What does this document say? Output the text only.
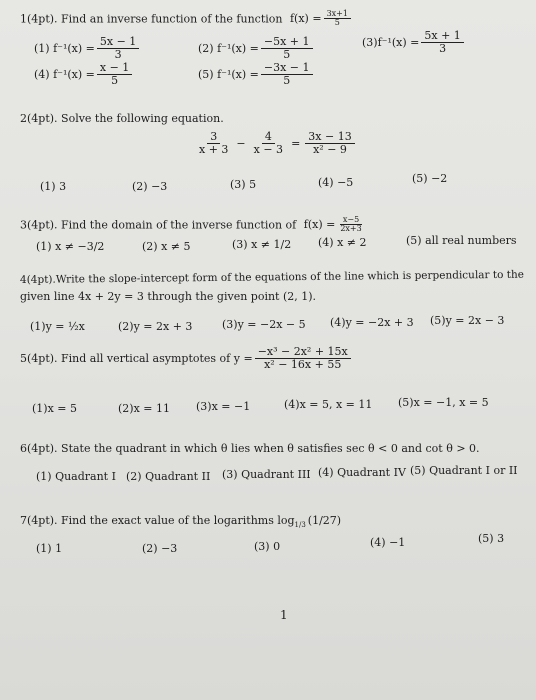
1(4pt). Find an inverse function of the function $f(x) = \frac{3x+1}{5}$
(1) $f^{-1}(x) = \frac{5x - 1}{3}$	(2) $f^{-1}(x) = \frac{-5x + 1}{5}$	$(3)f^{-1}(x) = \frac{5x + 1}{3}$
(4) $f^{-1}(x) = \frac{x - 1}{5}$	(5) $f^{-1}(x) = \frac{-3x - 1}{5}$
2(4pt). Solve the following equation.
$\frac{3}{x + 3} - \frac{4}{x - 3} = \frac{3x - 13}{\text{x² − 9}}$
(1) 3	(2) −3	(3) 5	(4) −5	(5) −2
3(4pt). Find the domain of the inverse function of $f(x) = \frac{x-5}{2x+3}$
(1) x ≠ −3/2	(2) x ≠ 5	(3) x ≠ 1/2 (4) x ≠ 2	(5) all real numbers
4(4pt).Write the slope-intercept form of the equations of the line which is perpendicular to the
given line 4x + 2y = 3 through the given point (2, 1).
(1)y = ½x	(2)y = 2x + 3	(3)y = −2x − 5 (4)y = −2x + 3 (5)y = 2x − 3
5(4pt). Find all vertical asymptotes of $y = \frac{\text{−x³ − 2x² + 15x}}{\text{x² − 16x + 55}}$
(1)x = 5	(2)x = 11 (3)x = −1	(4)x = 5, x = 11 (5)x = −1, x = 5
6(4pt). State the quadrant in which θ lies when θ satisfies sec θ < 0 and cot θ > 0.
(1) Quadrant I (2) Quadrant II (3) Quadrant III (4) Quadrant IV (5) Quadrant I or II
7(4pt). Find the exact value of the logarithms log 1/3 (1/27)
(1) 1	(2) −3	(3) 0	(4) −1	(5) 3
1
